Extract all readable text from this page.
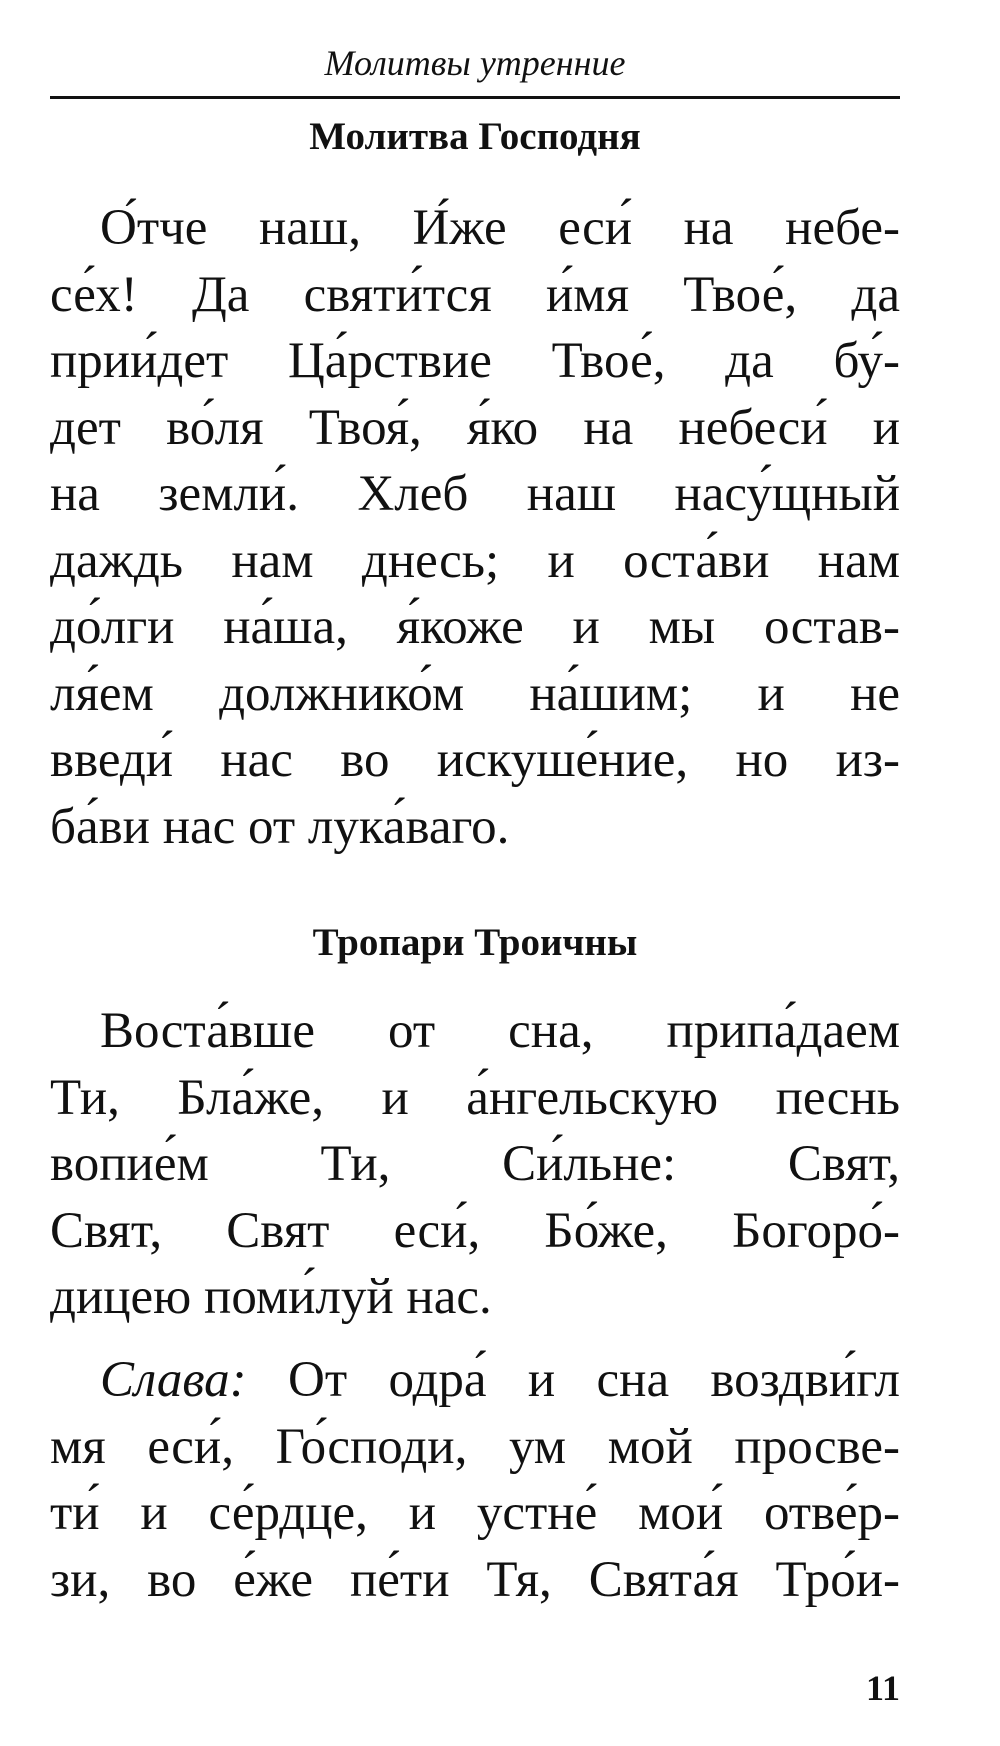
Молитвы утренние
Молитва Господня
О́тче наш, И́же еси́ на небе-
се́х! Да святи́тся и́мя Твое́, да
прии́дет Ца́рствие Твое́, да бу́-
дет во́ля Твоя́, я́ко на небеси́ и
на земли́. Хлеб наш насу́щный
даждь нам днесь; и оста́ви нам
до́лги на́ша, я́коже и мы остав-
ля́ем должнико́м на́шим; и не
введи́ нас во искуше́ние, но из-
ба́ви нас от лука́ваго.
Тропари Троичны
Воста́вше от сна, припа́даем
Ти, Бла́же, и а́нгельскую песнь
вопие́м Ти, Си́льне: Свят,
Свят, Свят еси́, Бо́же, Богоро́-
дицею поми́луй нас.
Слава: От одра́ и сна воздви́гл
мя еси́, Го́споди, ум мой просве-
ти́ и се́рдце, и устне́ мои́ отве́р-
зи, во е́же пе́ти Тя, Свята́я Тро́и-
11
